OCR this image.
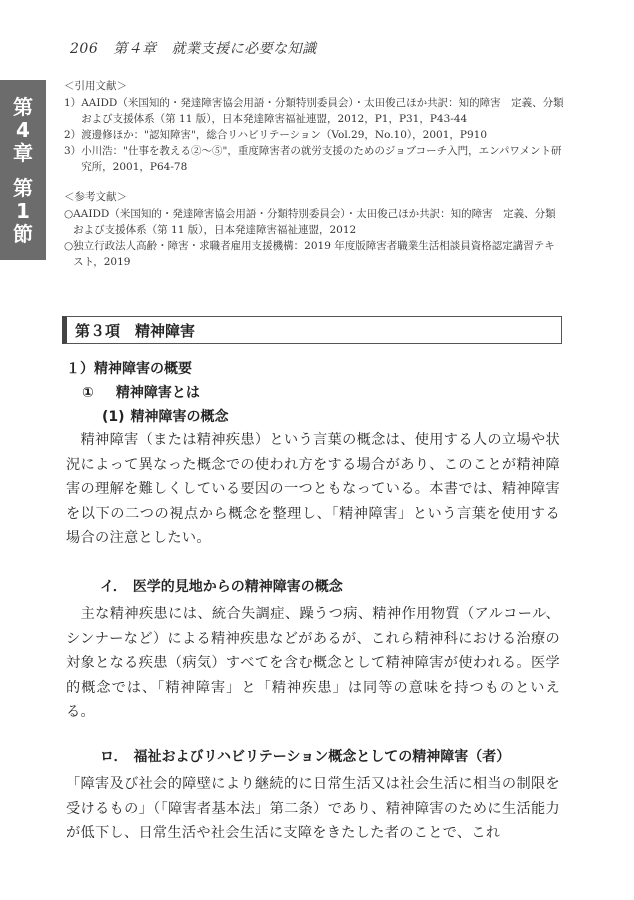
206 第４章 就業支援に必要な知識
第
4
章
第
1
節
＜引用文献＞
1） AAIDD（米国知的・発達障害協会用語・分類特別委員会）・太田俊己ほか共訳：知的障害　定義、分類および支援体系（第 11 版），日本発達障害福祉連盟，2012，P1，P31，P43-44
2） 渡邊修ほか："認知障害"，総合リハビリテーション（Vol.29，No.10），2001，P910
3） 小川浩："仕事を教える②～⑤"，重度障害者の就労支援のためのジョブコーチ入門，エンパワメント研究所，2001，P64-78
＜参考文献＞
○ AAIDD（米国知的・発達障害協会用語・分類特別委員会）・太田俊己ほか共訳：知的障害　定義、分類および支援体系（第 11 版），日本発達障害福祉連盟，2012
○ 独立行政法人高齢・障害・求職者雇用支援機構：2019 年度版障害者職業生活相談員資格認定講習テキスト，2019
第３項　精神障害
１）精神障害の概要
① 精神障害とは
(1) 精神障害の概念
　精神障害（または精神疾患）という言葉の概念は、使用する人の立場や状況によって異なった概念での使われ方をする場合があり、このことが精神障害の理解を難しくしている要因の一つともなっている。本書では、精神障害を以下の二つの視点から概念を整理し、「精神障害」という言葉を使用する場合の注意としたい。
イ． 医学的見地からの精神障害の概念
　主な精神疾患には、統合失調症、躁うつ病、精神作用物質（アルコール、シンナーなど）による精神疾患などがあるが、これら精神科における治療の対象となる疾患（病気）すべてを含む概念として精神障害が使われる。医学的概念では、「精神障害」と「精神疾患」は同等の意味を持つものといえる。
ロ． 福祉およびリハビリテーション概念としての精神障害（者）
「障害及び社会的障壁により継続的に日常生活又は社会生活に相当の制限を受けるもの」（「障害者基本法」第二条）であり、精神障害のために生活能力が低下し、日常生活や社会生活に支障をきたした者のことで、これ
